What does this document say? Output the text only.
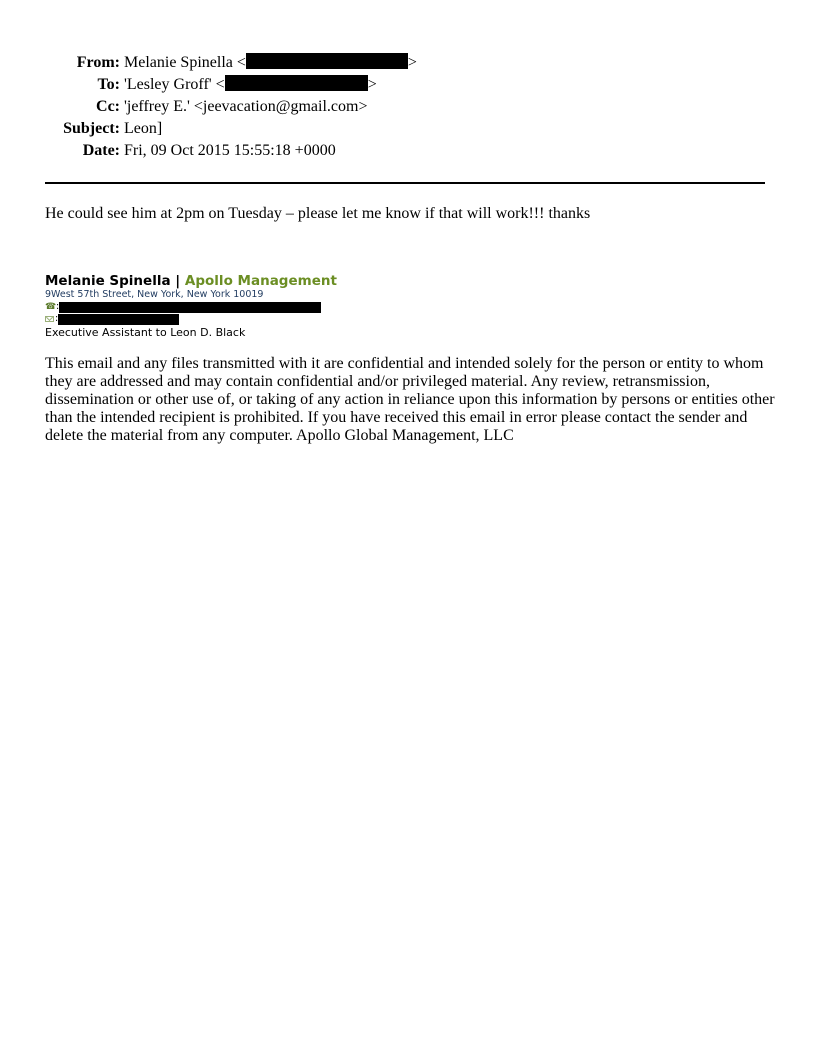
From:	Melanie Spinella < >
To:	'Lesley Groff' < >
Cc:	'jeffrey E.' <jeevacation@gmail.com>
Subject:	Leon]
Date:	Fri, 09 Oct 2015 15:55:18 +0000
He could see him at 2pm on Tuesday – please let me know if that will work!!! thanks
Melanie Spinella | Apollo Management
9West 57th Street, New York, New York 10019
☎ :
:
Executive Assistant to Leon D. Black
This email and any files transmitted with it are confidential and intended solely for the person or entity to whom they are addressed and may contain confidential and/or privileged material. Any review, retransmission, dissemination or other use of, or taking of any action in reliance upon this information by persons or entities other than the intended recipient is prohibited. If you have received this email in error please contact the sender and delete the material from any computer. Apollo Global Management, LLC
